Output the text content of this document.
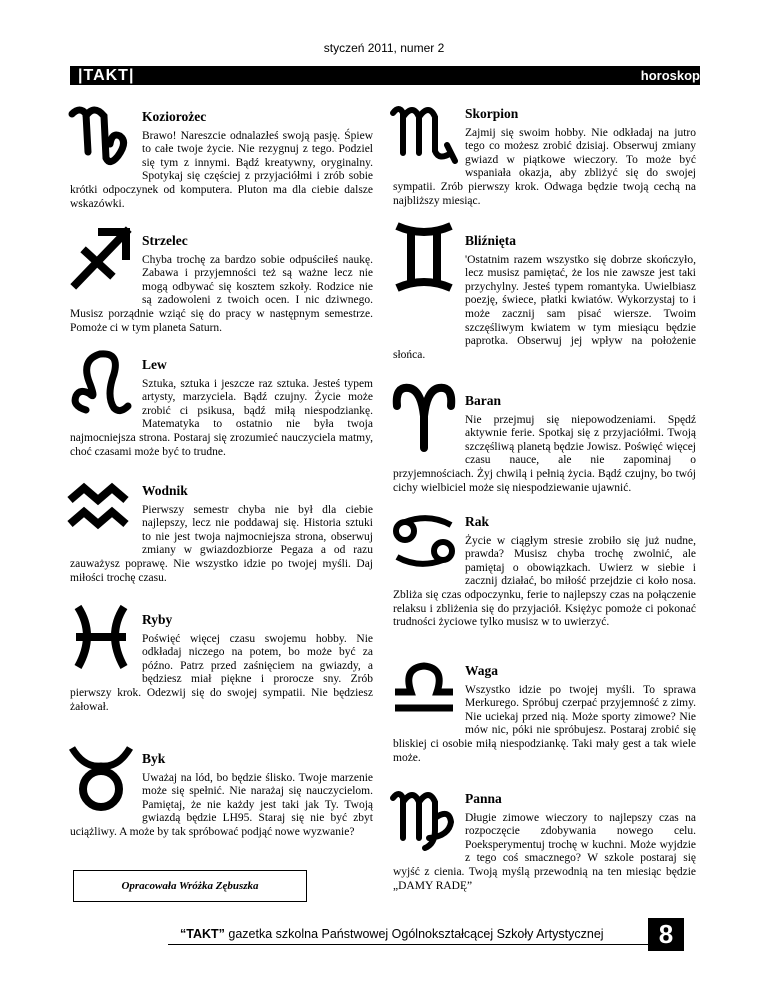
styczeń 2011, numer 2
|TAKT|	horoskop
Koziorożec

Brawo! Nareszcie odnalazłeś swoją pasję. Śpiew to całe twoje życie. Nie rezygnuj z tego. Podziel się tym z innymi. Bądź kreatywny, oryginalny. Spotykaj się częściej z przyjaciółmi i zrób sobie krótki odpoczynek od komputera. Pluton ma dla ciebie dalsze wskazówki.

Strzelec

Chyba trochę za bardzo sobie odpuściłeś naukę. Zabawa i przyjemności też są ważne lecz nie mogą odbywać się kosztem szkoły. Rodzice nie są zadowoleni z twoich ocen. I nic dziwnego. Musisz porządnie wziąć się do pracy w następnym semestrze. Pomoże ci w tym planeta Saturn.

Lew

Sztuka, sztuka i jeszcze raz sztuka. Jesteś typem artysty, marzyciela. Bądź czujny. Życie może zrobić ci psikusa, bądź miłą niespodziankę. Matematyka to ostatnio nie była twoja najmocniejsza strona. Postaraj się zrozumieć nauczyciela matmy, choć czasami może być to trudne.

Wodnik

Pierwszy semestr chyba nie był dla ciebie najlepszy, lecz nie poddawaj się. Historia sztuki to nie jest twoja najmocniejsza strona, obserwuj zmiany w gwiazdozbiorze Pegaza a od razu zauważysz poprawę. Nie wszystko idzie po twojej myśli. Daj miłości trochę czasu.

Ryby

Poświęć więcej czasu swojemu hobby. Nie odkładaj niczego na potem, bo może być za późno. Patrz przed zaśnięciem na gwiazdy, a będziesz miał piękne i prorocze sny. Zrób pierwszy krok. Odezwij się do swojej sympatii. Nie będziesz żałował.

Byk

Uważaj na lód, bo będzie ślisko. Twoje marzenie może się spełnić. Nie narażaj się nauczycielom. Pamiętaj, że nie każdy jest taki jak Ty. Twoją gwiazdą będzie LH95. Staraj się nie być zbyt uciążliwy. A może by tak spróbować podjąć nowe wyzwanie?

Opracowała Wróżka Zębuszka
Skorpion

Zajmij się swoim hobby. Nie odkładaj na jutro tego co możesz zrobić dzisiaj. Obserwuj zmiany gwiazd w piątkowe wieczory. To może być wspaniała okazja, aby zbliżyć się do swojej sympatii. Zrób pierwszy krok. Odwaga będzie twoją cechą na najbliższy miesiąc.

Bliźnięta

'Ostatnim razem wszystko się dobrze skończyło, lecz musisz pamiętać, że los nie zawsze jest taki przychylny. Jesteś typem romantyka. Uwielbiasz poezję, świece, płatki kwiatów. Wykorzystaj to i może zacznij sam pisać wiersze. Twoim szczęśliwym kwiatem w tym miesiącu będzie paprotka. Obserwuj jej wpływ na położenie słońca.

Baran

Nie przejmuj się niepowodzeniami. Spędź aktywnie ferie. Spotkaj się z przyjaciółmi. Twoją szczęśliwą planetą będzie Jowisz. Poświęć więcej czasu nauce, ale nie zapominaj o przyjemnościach. Żyj chwilą i pełnią życia. Bądź czujny, bo twój cichy wielbiciel może się niespodziewanie ujawnić.

Rak

Życie w ciągłym stresie zrobiło się już nudne, prawda? Musisz chyba trochę zwolnić, ale pamiętaj o obowiązkach. Uwierz w siebie i zacznij działać, bo miłość przejdzie ci koło nosa. Zbliża się czas odpoczynku, ferie to najlepszy czas na połączenie relaksu i zbliżenia się do przyjaciół. Księżyc pomoże ci pokonać trudności życiowe tylko musisz w to uwierzyć.

Waga

Wszystko idzie po twojej myśli. To sprawa Merkurego. Spróbuj czerpać przyjemność z zimy. Nie uciekaj przed nią. Może sporty zimowe? Nie mów nic, póki nie spróbujesz. Postaraj zrobić się bliskiej ci osobie miłą niespodziankę. Taki mały gest a tak wiele może.

Panna

Długie zimowe wieczory to najlepszy czas na rozpoczęcie zdobywania nowego celu. Poeksperymentuj trochę w kuchni. Może wyjdzie z tego coś smacznego? W szkole postaraj się wyjść z cienia. Twoją myślą przewodnią na ten miesiąc będzie „DAMY RADĘ”

“TAKT” gazetka szkolna Państwowej Ogólnokształcącej Szkoły Artystycznej	8
